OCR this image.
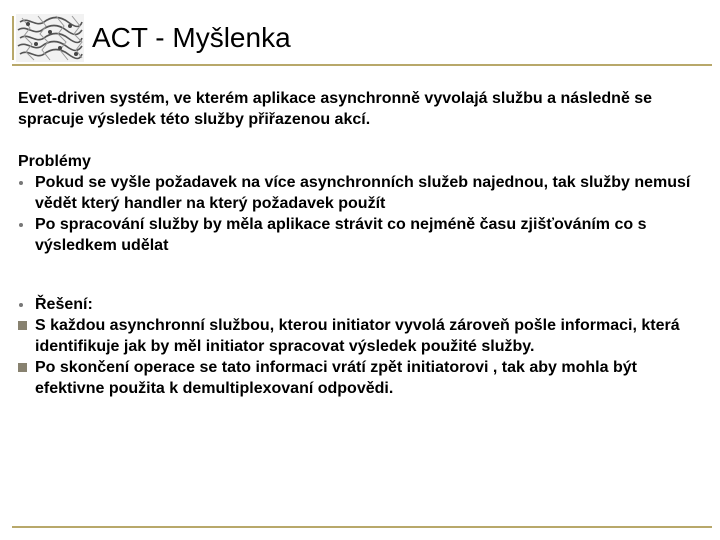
ACT - Myšlenka

Evet-driven systém, ve kterém aplikace asynchronně vyvolajá službu a následně se spracuje výsledek této služby přiřazenou akcí.

Problémy

Pokud se vyšle požadavek na více asynchronních služeb najednou, tak služby nemusí vědět který handler na který požadavek použít
Po spracování služby by měla aplikace strávit co nejméně času zjišťováním co s výsledkem udělat
Řešení:
S každou asynchronní službou, kterou initiator vyvolá zároveň pošle informaci, která identifikuje jak by měl initiator spracovat výsledek použité služby.
Po skončení operace se tato informaci vrátí zpět initiatorovi , tak aby mohla být efektivne použita k demultiplexovaní odpovědi.
